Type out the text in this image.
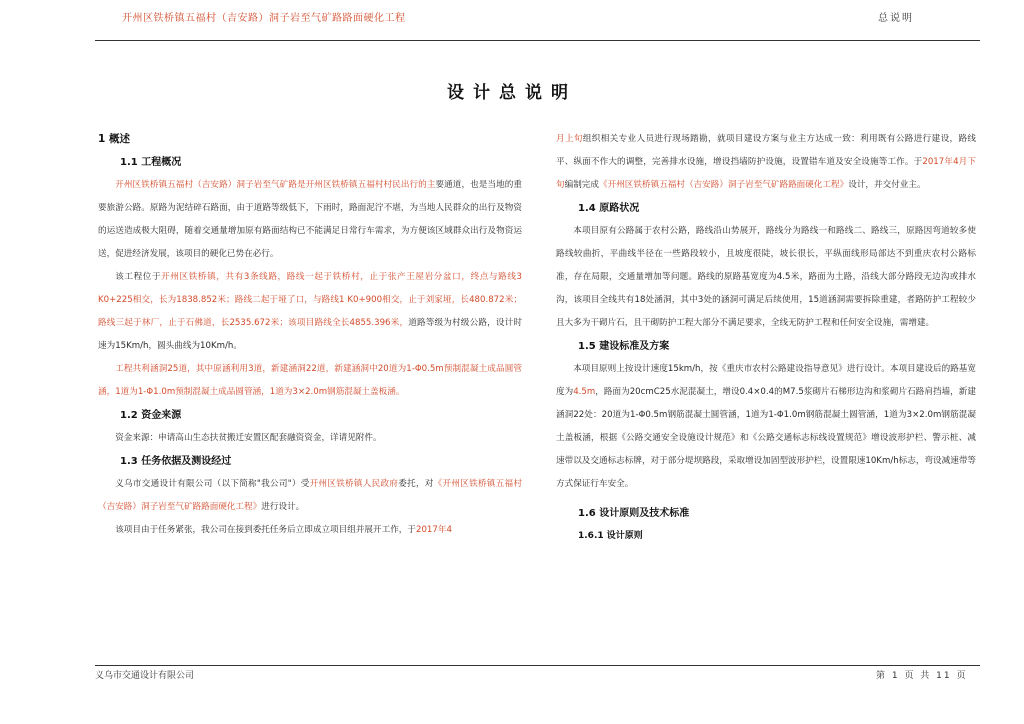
开州区铁桥镇五福村（吉安路）洞子岩至气矿路路面硬化工程	总说明
设计总说明

1 概述

1.1 工程概况

开州区铁桥镇五福村（吉安路）洞子岩至气矿路是开州区铁桥镇五福村村民出行的主要通道，也是当地的重要旅游公路。原路为泥结碎石路面，由于道路等级低下，下雨时，路面泥泞不堪，为当地人民群众的出行及物资的运送造成极大阻碍，随着交通量增加原有路面结构已不能满足日常行车需求，为方便该区域群众出行及物资运送，促进经济发展，该项目的硬化已势在必行。

该工程位于开州区铁桥镇，共有3条线路，路线一起于铁桥村，止于张产王屋岩分盆口，终点与路线3 K0+225相交，长为1838.852米；路线二起于垭了口，与路线1 K0+900相交，止于刘家垭，长480.872米；路线三起于林厂，止于石佛道，长2535.672米；该项目路线全长4855.396米，道路等级为村级公路，设计时速为15Km/h，圆头曲线为10Km/h。

工程共利涵洞25道，其中原涵利用3道，新建涵洞22道，新建涵洞中20道为1-Φ0.5m预制混凝土成品圆管涵，1道为1-Φ1.0m预制混凝土成品圆管涵，1道为3×2.0m钢筋混凝土盖板涵。

1.2 资金来源

资金来源：申请高山生态扶贫搬迁安置区配套融资资金，详请见附件。

1.3 任务依据及测设经过

义乌市交通设计有限公司（以下简称"我公司"）受开州区铁桥镇人民政府委托，对《开州区铁桥镇五福村（吉安路）洞子岩至气矿路路面硬化工程》进行设计。

该项目由于任务紧张，我公司在接到委托任务后立即成立项目组并展开工作，于2017年4

月上旬组织相关专业人员进行现场踏勘，就项目建设方案与业主方达成一致：利用既有公路进行建设，路线平、纵面不作大的调整，完善排水设施，增设挡墙防护设施，设置错车道及安全设施等工作。于2017年4月下旬编制完成《开州区铁桥镇五福村（吉安路）洞子岩至气矿路路面硬化工程》设计，并交付业主。

1.4 原路状况

本项目原有公路属于农村公路，路线沿山势展开，路线分为路线一和路线二、路线三，原路因弯道较多使路线较曲折，平曲线半径在一些路段较小，且坡度很陡，坡长很长，平纵面线形局部达不到重庆农村公路标准，存在局限，交通量增加等问题。路线的原路基宽度为4.5米，路面为土路，沿线大部分路段无边沟或排水沟，该项目全线共有18处涵洞，其中3处的涵洞可满足后续使用，15道涵洞需要拆除重建，者路防护工程较少且大多为干砌片石，且干砌防护工程大部分不满足要求，全线无防护工程和任何安全设施，需增建。

1.5 建设标准及方案

本项目原则上按设计速度15km/h，按《重庆市农村公路建设指导意见》进行设计。本项目建设后的路基宽度为4.5m，路面为20cmC25水泥混凝土，增设0.4×0.4的M7.5浆砌片石梯形边沟和浆砌片石路肩挡墙，新建涵洞22处：20道为1-Φ0.5m钢筋混凝土圆管涵，1道为1-Φ1.0m钢筋混凝土圆管涵，1道为3×2.0m钢筋混凝土盖板涵，根据《公路交通安全设施设计规范》和《公路交通标志标线设置规范》增设波形护栏、警示桩、减速带以及交通标志标牌，对于部分堤坝路段，采取增设加固型波形护栏，设置限速10Km/h标志，弯设减速带等方式保证行车安全。

1.6 设计原则及技术标准

1.6.1 设计原则

义乌市交通设计有限公司	第 1 页 共 11 页
